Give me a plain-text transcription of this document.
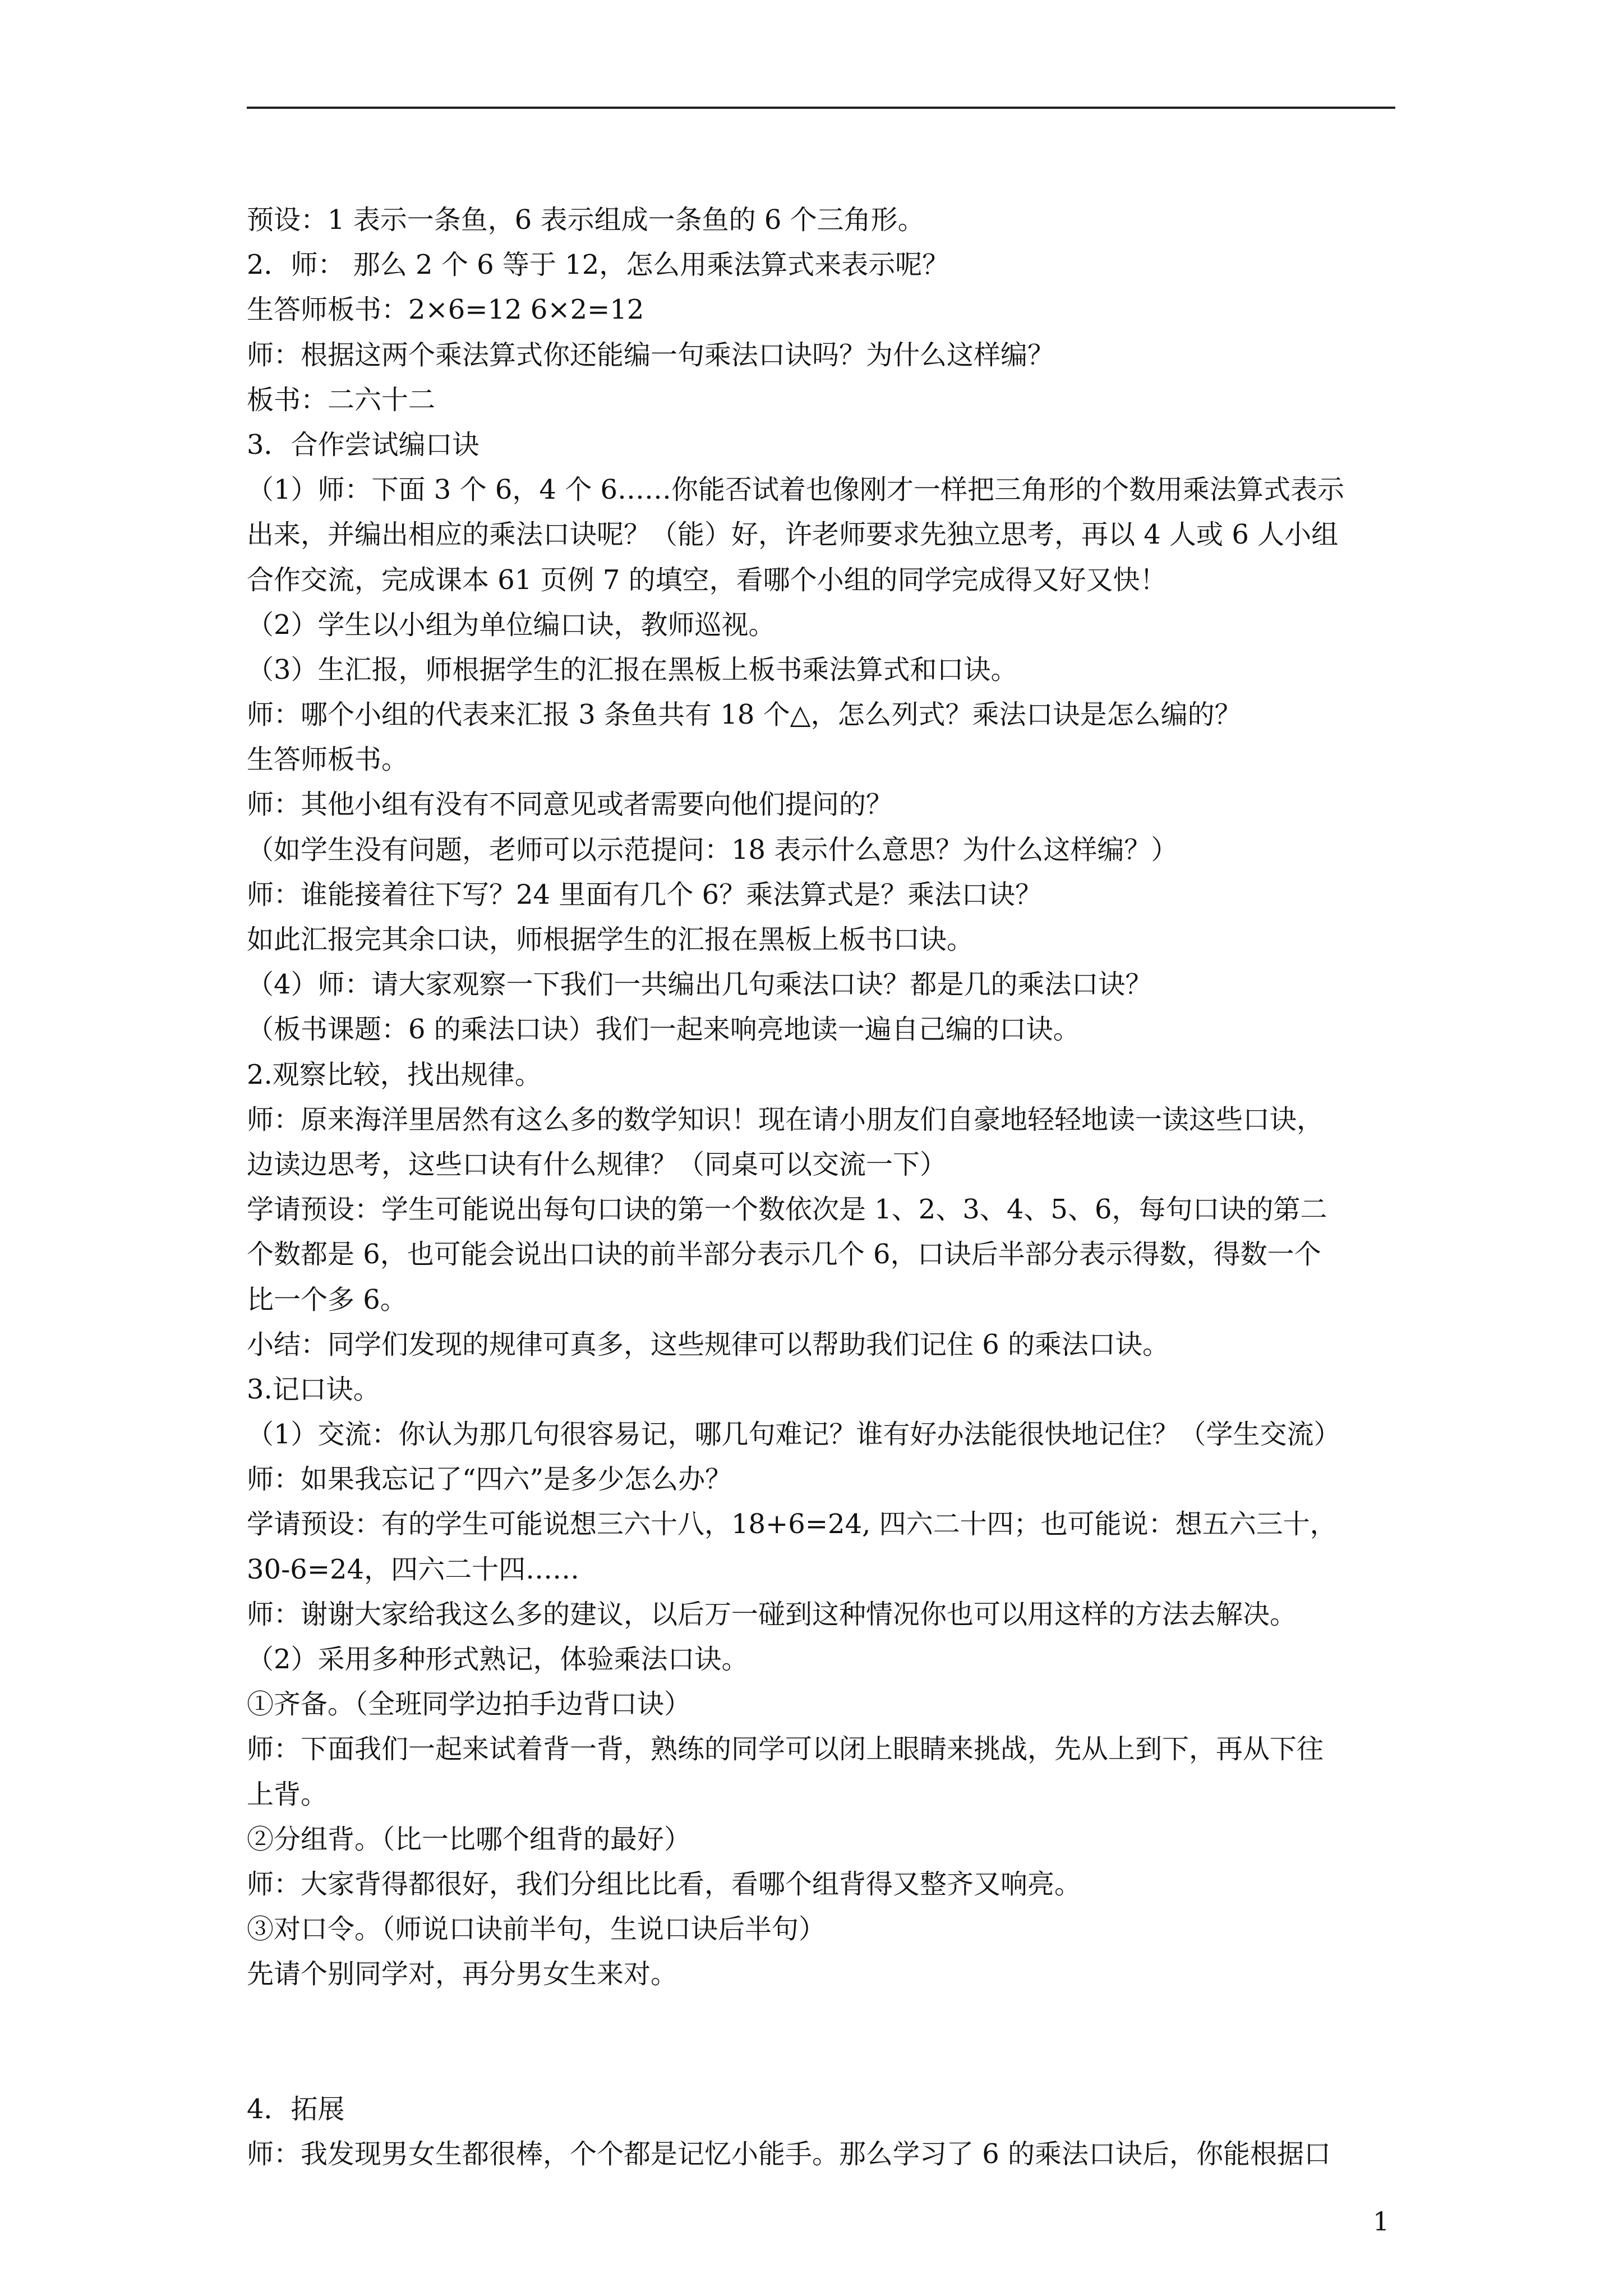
预设：1 表示一条鱼，6 表示组成一条鱼的 6 个三角形。
2．师： 那么 2 个 6 等于 12，怎么用乘法算式来表示呢？
生答师板书：2×6=12 6×2=12
师：根据这两个乘法算式你还能编一句乘法口诀吗？为什么这样编？
板书：二六十二
3．合作尝试编口诀
（1）师：下面 3 个 6，4 个 6……你能否试着也像刚才一样把三角形的个数用乘法算式表示
出来，并编出相应的乘法口诀呢？（能）好，许老师要求先独立思考，再以 4 人或 6 人小组
合作交流，完成课本 61 页例 7 的填空，看哪个小组的同学完成得又好又快！
（2）学生以小组为单位编口诀，教师巡视。
（3）生汇报，师根据学生的汇报在黑板上板书乘法算式和口诀。
师：哪个小组的代表来汇报 3 条鱼共有 18 个△，怎么列式？乘法口诀是怎么编的？
生答师板书。
师：其他小组有没有不同意见或者需要向他们提问的？
（如学生没有问题，老师可以示范提问：18 表示什么意思？为什么这样编？）
师：谁能接着往下写？24 里面有几个 6？乘法算式是？乘法口诀？
如此汇报完其余口诀，师根据学生的汇报在黑板上板书口诀。
（4）师：请大家观察一下我们一共编出几句乘法口诀？都是几的乘法口诀？
（板书课题：6 的乘法口诀）我们一起来响亮地读一遍自己编的口诀。
2.观察比较，找出规律。
师：原来海洋里居然有这么多的数学知识！现在请小朋友们自豪地轻轻地读一读这些口诀，
边读边思考，这些口诀有什么规律？（同桌可以交流一下）
学请预设：学生可能说出每句口诀的第一个数依次是 1、2、3、4、5、6，每句口诀的第二
个数都是 6，也可能会说出口诀的前半部分表示几个 6，口诀后半部分表示得数，得数一个
比一个多 6。
小结：同学们发现的规律可真多，这些规律可以帮助我们记住 6 的乘法口诀。
3.记口诀。
（1）交流：你认为那几句很容易记，哪几句难记？谁有好办法能很快地记住？（学生交流）
师：如果我忘记了“四六”是多少怎么办？
学请预设：有的学生可能说想三六十八，18+6=24, 四六二十四；也可能说：想五六三十，
30-6=24，四六二十四……
师：谢谢大家给我这么多的建议，以后万一碰到这种情况你也可以用这样的方法去解决。
（2）采用多种形式熟记，体验乘法口诀。
①齐备。（全班同学边拍手边背口诀）
师：下面我们一起来试着背一背，熟练的同学可以闭上眼睛来挑战，先从上到下，再从下往
上背。
②分组背。（比一比哪个组背的最好）
师：大家背得都很好，我们分组比比看，看哪个组背得又整齐又响亮。
③对口令。（师说口诀前半句，生说口诀后半句）
先请个别同学对，再分男女生来对。
4．拓展
师：我发现男女生都很棒，个个都是记忆小能手。那么学习了 6 的乘法口诀后，你能根据口
1
